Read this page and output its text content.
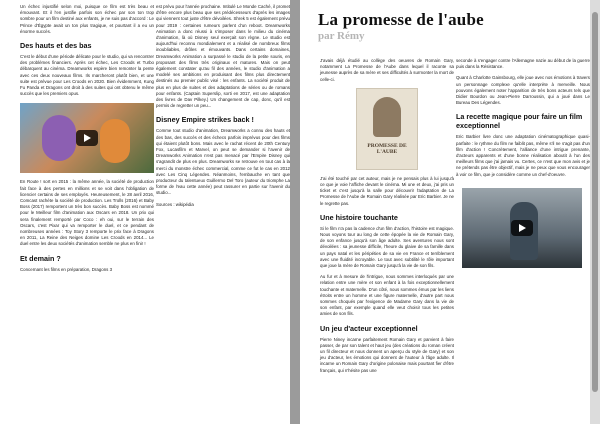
Un échec injustifié selon moi, puisque ce film est très beau et émouvant. Et il l'en justifie parfois son échec par son ton trop sombre pour un film destiné aux enfants, je ne suis pas d'accord : Le Prince d'Égypte avait un ton plus tragique, et pourtant il a eu un énorme succès.

Des hauts et des bas

C'est le début d'une période délicate pour le studio, qui va rencontrer des problèmes financiers. Après cet échec, Les Croods et Turbo débarquent au cinéma. Dreamworks espère bien remonter la pente avec ces deux nouveaux films. Ils marcheront plutôt bien, et une suite est prévue pour Les Croods en 2020. Bien évidemment, Kung Fu Panda et Dragons ont droit à des suites qui ont obtenu le même succès que les premiers opus.

En Route ! sort en 2015 : la même année, la société de production fait face à des pertes en millions et se voit dans l'obligation de licencier certains de ses employés. Heureusement, le 28 avril 2016, Comcast rachète la société de production. Les Trolls (2016) et Baby Boss (2017) remportent un très bon succès. Baby Boss est nommé pour le Meilleur film d'animation aux Oscars en 2018. Un prix qui sera finalement remporté par Coco : eh oui, sur le terrain des Oscars, c'est Pixar qui va remporter le duel, et ce pendant de nombreuses années : Toy Story 3 remporte le prix face à Dragons en 2011, La Reine des Neiges domine Les Croods en 2014... Le duel entre les deux sociétés d'animation semble ne plus en finir !

Et demain ?

Concernant les films en préparation, Dragons 3

est prévu pour l'année prochaine. Intitulé Le Monde Caché, il promet d'être encore plus beau que ses prédécesseurs d'après les images qui viennent tout juste d'être dévoilées. Shrek 5 est également prévu pour 2019 : certaines rumeurs parlent d'un reboot. Dreamworks Animation a donc réussi à s'imposer dans le milieu du cinéma d'animation, là où Disney seul exerçait son règne. Le studio est aujourd'hui reconnu mondialement et a réalisé de nombreux films inoubliables, drôles et émouvants. Dans certains domaines, Dreamworks Animation a surpassé le studio de la petite souris, en proposant des films très originaux et matures. Mais on peut également constater qu'au fil des années, le studio d'animation a modelé ses ambitions en produisant des films plus directement destinés au premier public visé : les enfants. La société produit de plus en plus de suites et des adaptations de séries ou de romans pour enfants. (Captain Superslip, sorti en 2017, est une adaptation des livres de Dav Pilkey.) Un changement de cap, donc, qu'il est permis de regretter un peu...

Disney Empire strikes back !

Comme tout studio d'animation, Dreamworks a connu des hauts et des bas, des succès et des échecs parfois imprévus pour des films qui étaient plutôt bons. Mais avec le rachat récent de 20th Century Fox, Lucasfilm et Marvel, on peut se demander si l'avenir de Dreamworks Animation n'est pas menacé par l'Empire Disney qui s'agrandit de plus en plus. Dreamworks se retrouve en tout cas à la merci du monstre échec commercial, comme ce fut le cas en 2012 avec Les Cinq Légendes. Néanmoins, l'embauche en tant que producteur du talentueux Guillermo Del Toro (auteur du triomphe La forme de l'eau cette année) peut rassurer en partie sur l'avenir du studio...

Sources : wikipédia

La promesse de l'aube
par Rémy

J'avais déjà étudié au collège des oeuvres de Romain Gary, notamment La Promesse de l'Aube dans lequel il raconte sa jeunesse auprès de sa mère et ses difficultés à surmonter la mort de celle-ci.

PROMESSE DE L'AUBE

J'ai été touché par cet auteur, mais je ne pensais plus à lui jusqu'à ce que je voie l'affiche devant le cinéma. Mi une et deux, j'ai pris un ticket et c'est jusqu'à la salle pour découvrir l'adaptation de La Promesse de l'Aube de Romain Gary réalisée par Eric Barbier. Je ne le regrette pas.

Une histoire touchante

Si le film n'a pas la cadence d'un film d'action, l'histoire est magique. Nous voyons tour au long de cette épopée la vie de Romain Gary, de son enfance jusqu'à son âge adulte. Ses aventures nous sont dévoilées : sa jeunesse difficile, l'heure du glaive de sa famille dans un pays natal et les péripéties de sa vie en France et terriblement avec une fluidité incroyable. Le tout avec subtilité le rôle important que joue la mère de Romain Gary jusqu'à la vie de son fils.

Au fur et à mesure de l'intrigue, nous sommes interloqués par une relation entre une mère et son enfant à la fois exceptionnellement touchante et maternelle. D'un côté, nous sommes émus par les liens étroits entre un homme et une figure maternelle, d'autre part nous sommes choqués par l'exigence de Madame Gary dans la vie de son enfant, par exemple quand elle veut choisir tous les petites amies de son fils.

Un jeu d'acteur exceptionnel

Pierre Niney incarne parfaitement Romain Gary et parvient à faire passer, de par son talent et haut jeu (des créations du roman créent un fil directeur et nous donnent un aperçu du style de Gary) et son jeu d'acteur, les émotions qui donnent de l'auteur à l'âge adulte. Il incarne un Romain Gary d'origine polonaise mais pourtant fier d'être français, qui n'hésite pas une

seconde à s'engager contre l'Allemagne nazie au début de la guerre puis dans la Résistance.

Quant à Charlotte Gainsbourg, elle joue avec nos émotions à travers un personnage complexe qu'elle interprète à merveille. Nous pouvons également noter l'apparition de très bons acteurs tels que Didier Bourdon ou Jean-Pierre Darroussin, qui a joué dans Le Bureau Des Légendes.

La recette magique pour faire un film exceptionnel

Eric Barbier livre donc une adaptation cinématographique quasi-parfaite : le rythme du film ne faiblit pas, même s'il ne s'agit pas d'un film d'action ! Concrètement, l'alliance d'une intrigue prenante, d'acteurs apparents et d'une bonne réalisation aboutit à l'un des meilleurs films que j'ai jamais vu. Certes, ce n'est que mon avis et je ne prétends pas être objectif, mais je ne peux que vous encourager à voir ce film, que je considère comme un chef-d'oeuvre.
